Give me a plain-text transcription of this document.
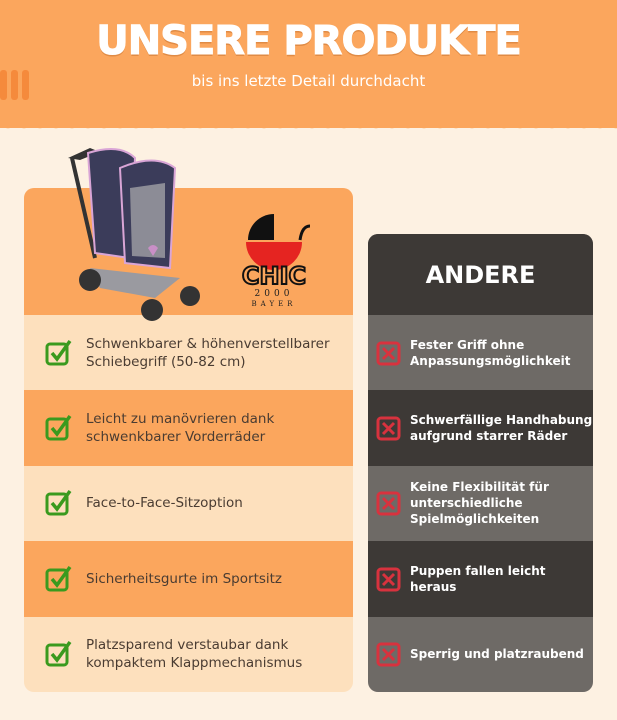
UNSERE PRODUKTE
bis ins letzte Detail durchdacht
Schwenkbarer & höhenverstellbarer Schiebegriff (50-82 cm)
Leicht zu manövrieren dank schwenkbarer Vorderräder
Face-to-Face-Sitzoption
Sicherheitsgurte im Sportsitz
Platzsparend verstaubar dank kompaktem Klappmechanismus
CHIC
2000
BAYER
ANDERE
Fester Griff ohne Anpassungsmöglichkeit
Schwerfällige Handhabung aufgrund starrer Räder
Keine Flexibilität für unterschiedliche Spielmöglichkeiten
Puppen fallen leicht heraus
Sperrig und platzraubend
